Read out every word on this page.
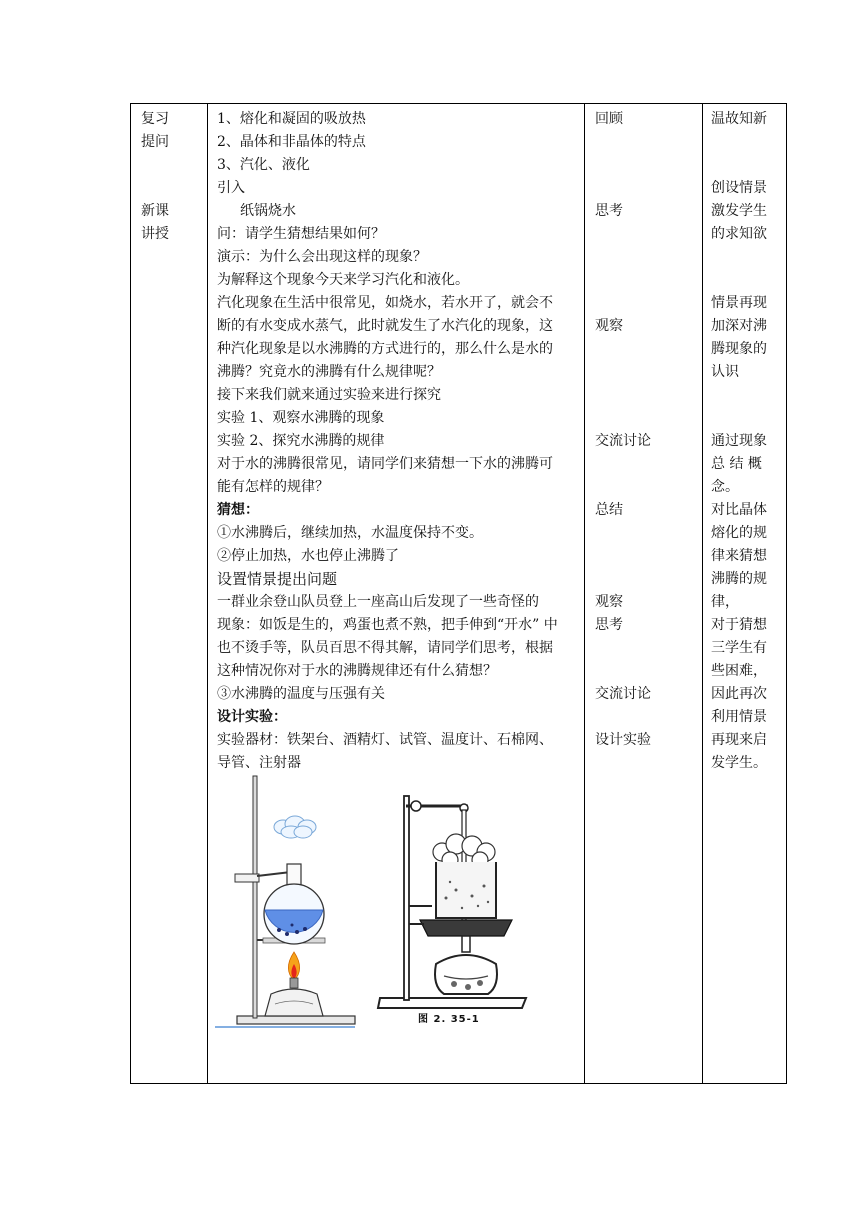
复习
提问
新课
讲授
1、熔化和凝固的吸放热
2、晶体和非晶体的特点
3、汽化、液化
引入
纸锅烧水
问：请学生猜想结果如何？
演示：为什么会出现这样的现象？
为解释这个现象今天来学习汽化和液化。
汽化现象在生活中很常见，如烧水，若水开了，就会不
断的有水变成水蒸气，此时就发生了水汽化的现象，这
种汽化现象是以水沸腾的方式进行的，那么什么是水的
沸腾？究竟水的沸腾有什么规律呢？
接下来我们就来通过实验来进行探究
实验 1、观察水沸腾的现象
实验 2、探究水沸腾的规律
对于水的沸腾很常见，请同学们来猜想一下水的沸腾可
能有怎样的规律？
猜想：
①水沸腾后，继续加热，水温度保持不变。
②停止加热，水也停止沸腾了
设置情景提出问题
一群业余登山队员登上一座高山后发现了一些奇怪的
现象：如饭是生的，鸡蛋也煮不熟，把手伸到“开水” 中
也不烫手等，队员百思不得其解，请同学们思考，根据
这种情况你对于水的沸腾规律还有什么猜想？
③水沸腾的温度与压强有关
设计实验：
实验器材：铁架台、酒精灯、试管、温度计、石棉网、
导管、注射器
回顾
思考
观察
交流讨论
总结
观察
思考
交流讨论
设计实验
温故知新
创设情景
激发学生
的求知欲
情景再现
加深对沸
腾现象的
认识
通过现象
总 结 概
念。
对比晶体
熔化的规
律来猜想
沸腾的规
律，
对于猜想
三学生有
些困难，
因此再次
利用情景
再现来启
发学生。
图 2. 35-1
